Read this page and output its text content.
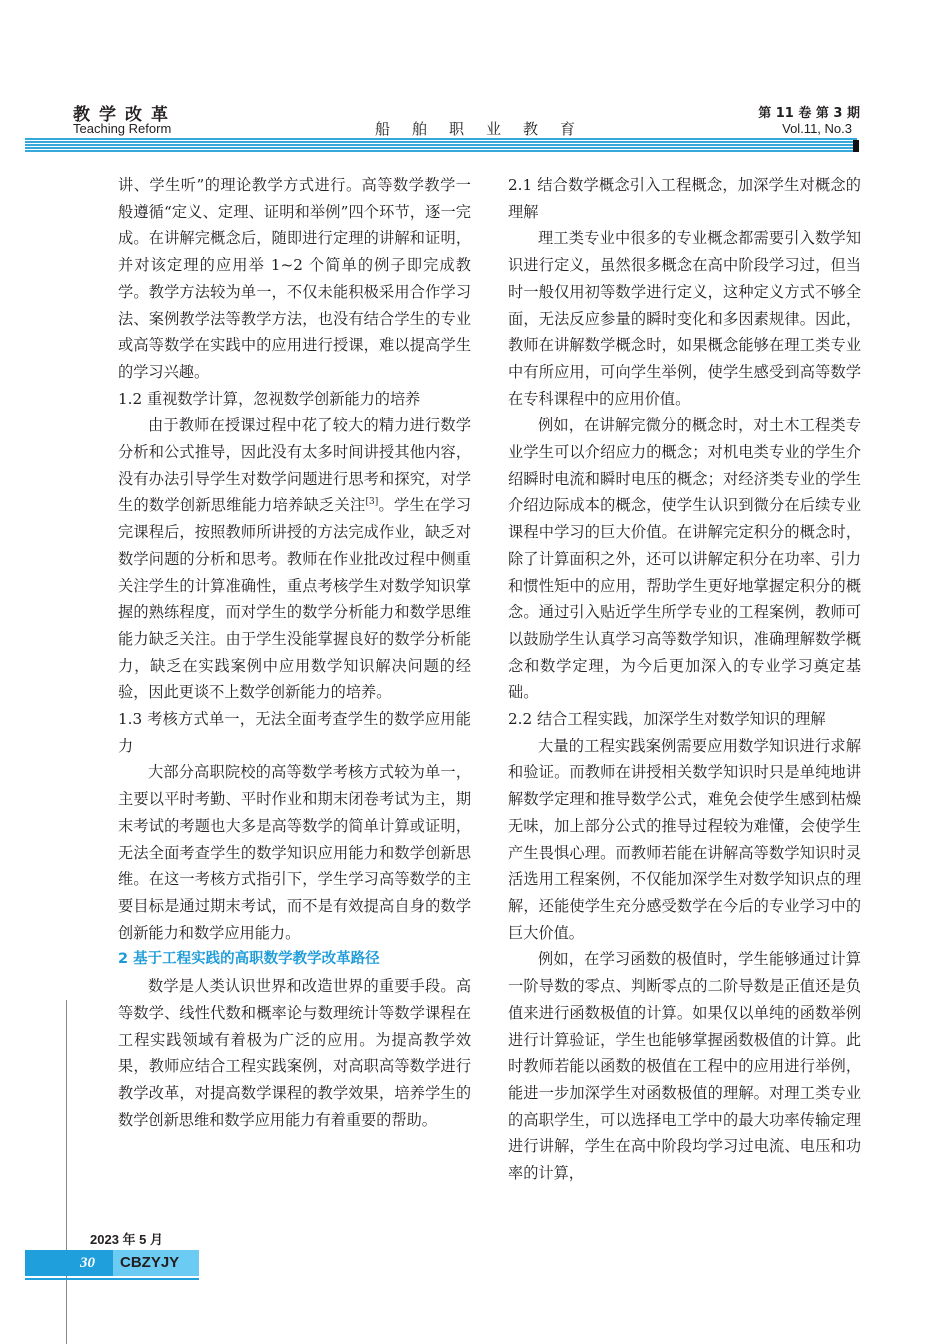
教学改革
Teaching Reform	船舶职业教育
第 11 卷 第 3 期
Vol.11, No.3

讲、学生听”的理论教学方式进行。高等数学教学一般遵循“定义、定理、证明和举例”四个环节，逐一完成。在讲解完概念后，随即进行定理的讲解和证明，并对该定理的应用举 1~2 个简单的例子即完成教学。教学方法较为单一，不仅未能积极采用合作学习法、案例教学法等教学方法，也没有结合学生的专业或高等数学在实践中的应用进行授课，难以提高学生的学习兴趣。

1.2 重视数学计算，忽视数学创新能力的培养

由于教师在授课过程中花了较大的精力进行数学分析和公式推导，因此没有太多时间讲授其他内容，没有办法引导学生对数学问题进行思考和探究，对学生的数学创新思维能力培养缺乏关注[3]。学生在学习完课程后，按照教师所讲授的方法完成作业，缺乏对数学问题的分析和思考。教师在作业批改过程中侧重关注学生的计算准确性，重点考核学生对数学知识掌握的熟练程度，而对学生的数学分析能力和数学思维能力缺乏关注。由于学生没能掌握良好的数学分析能力，缺乏在实践案例中应用数学知识解决问题的经验，因此更谈不上数学创新能力的培养。

1.3 考核方式单一，无法全面考查学生的数学应用能力

大部分高职院校的高等数学考核方式较为单一，主要以平时考勤、平时作业和期末闭卷考试为主，期末考试的考题也大多是高等数学的简单计算或证明，无法全面考查学生的数学知识应用能力和数学创新思维。在这一考核方式指引下，学生学习高等数学的主要目标是通过期末考试，而不是有效提高自身的数学创新能力和数学应用能力。

2 基于工程实践的高职数学教学改革路径

数学是人类认识世界和改造世界的重要手段。高等数学、线性代数和概率论与数理统计等数学课程在工程实践领域有着极为广泛的应用。为提高教学效果，教师应结合工程实践案例，对高职高等数学进行教学改革，对提高数学课程的教学效果，培养学生的数学创新思维和数学应用能力有着重要的帮助。

2.1 结合数学概念引入工程概念，加深学生对概念的理解

理工类专业中很多的专业概念都需要引入数学知识进行定义，虽然很多概念在高中阶段学习过，但当时一般仅用初等数学进行定义，这种定义方式不够全面，无法反应参量的瞬时变化和多因素规律。因此，教师在讲解数学概念时，如果概念能够在理工类专业中有所应用，可向学生举例，使学生感受到高等数学在专科课程中的应用价值。

例如，在讲解完微分的概念时，对土木工程类专业学生可以介绍应力的概念；对机电类专业的学生介绍瞬时电流和瞬时电压的概念；对经济类专业的学生介绍边际成本的概念，使学生认识到微分在后续专业课程中学习的巨大价值。在讲解完定积分的概念时，除了计算面积之外，还可以讲解定积分在功率、引力和惯性矩中的应用，帮助学生更好地掌握定积分的概念。通过引入贴近学生所学专业的工程案例，教师可以鼓励学生认真学习高等数学知识，准确理解数学概念和数学定理，为今后更加深入的专业学习奠定基础。

2.2 结合工程实践，加深学生对数学知识的理解

大量的工程实践案例需要应用数学知识进行求解和验证。而教师在讲授相关数学知识时只是单纯地讲解数学定理和推导数学公式，难免会使学生感到枯燥无味，加上部分公式的推导过程较为难懂，会使学生产生畏惧心理。而教师若能在讲解高等数学知识时灵活选用工程案例，不仅能加深学生对数学知识点的理解，还能使学生充分感受数学在今后的专业学习中的巨大价值。

例如，在学习函数的极值时，学生能够通过计算一阶导数的零点、判断零点的二阶导数是正值还是负值来进行函数极值的计算。如果仅以单纯的函数举例进行计算验证，学生也能够掌握函数极值的计算。此时教师若能以函数的极值在工程中的应用进行举例，能进一步加深学生对函数极值的理解。对理工类专业的高职学生，可以选择电工学中的最大功率传输定理进行讲解，学生在高中阶段均学习过电流、电压和功率的计算，

2023 年 5 月
30	CBZYJY
